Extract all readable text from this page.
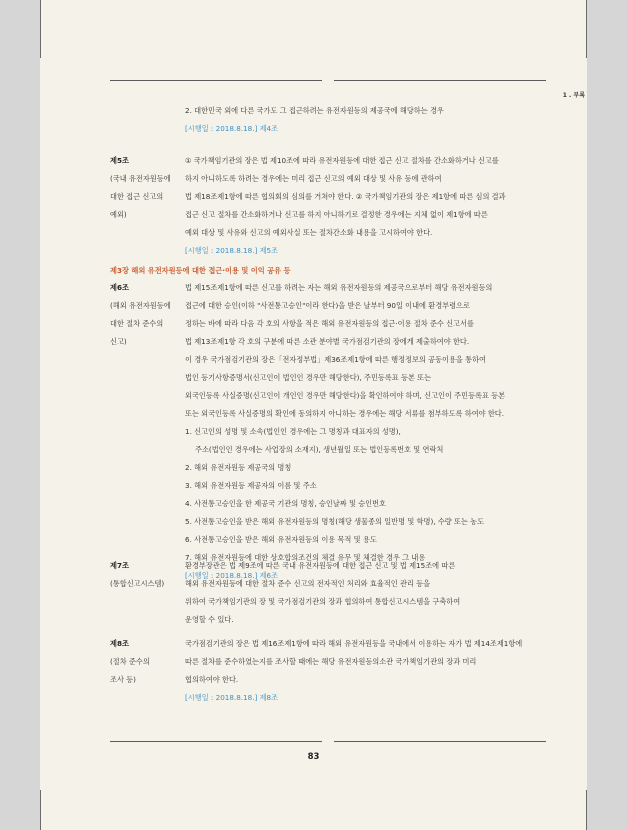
1 . 부록
2. 대한민국 외에 다른 국가도 그 접근하려는 유전자원등의 제공국에 해당하는 경우
[시행일 : 2018.8.18.] 제4조
제5조
(국내 유전자원등에
대한 접근 신고의
예외)
① 국가책임기관의 장은 법 제10조에 따라 유전자원등에 대한 접근 신고 절차를 간소화하거나 신고를
하지 아니하도록 하려는 경우에는 미리 접근 신고의 예외 대상 및 사유 등에 관하여
법 제18조제1항에 따른 협의회의 심의를 거쳐야 한다. ② 국가책임기관의 장은 제1항에 따른 심의 결과
접근 신고 절차를 간소화하거나 신고를 하지 아니하기로 결정한 경우에는 지체 없이 제1항에 따른
예외 대상 및 사유와 신고의 예외사실 또는 절차간소화 내용을 고시하여야 한다.
[시행일 : 2018.8.18.] 제5조
제3장 해외 유전자원등에 대한 접근·이용 및 이익 공유 등
제6조
(해외 유전자원등에
대한 절차 준수의
신고)
법 제15조제1항에 따른 신고를 하려는 자는 해외 유전자원등의 제공국으로부터 해당 유전자원등의
접근에 대한 승인(이하 "사전통고승인"이라 한다)을 받은 날부터 90일 이내에 환경부령으로
정하는 바에 따라 다음 각 호의 사항을 적은 해외 유전자원등의 접근·이용 절차 준수 신고서를
법 제13조제1항 각 호의 구분에 따른 소관 분야별 국가점검기관의 장에게 제출하여야 한다.
이 경우 국가점검기관의 장은「전자정부법」제36조제1항에 따른 행정정보의 공동이용을 통하여
법인 등기사항증명서(신고인이 법인인 경우만 해당한다), 주민등록표 등본 또는
외국인등록 사실증명(신고인이 개인인 경우만 해당한다)을 확인하여야 하며, 신고인이 주민등록표 등본
또는 외국인등록 사실증명의 확인에 동의하지 아니하는 경우에는 해당 서류를 첨부하도록 하여야 한다.
1. 신고인의 성명 및 소속(법인인 경우에는 그 명칭과 대표자의 성명),
주소(법인인 경우에는 사업장의 소재지), 생년월일 또는 법인등록번호 및 연락처
2. 해외 유전자원등 제공국의 명칭
3. 해외 유전자원등 제공자의 이름 및 주소
4. 사전통고승인을 한 제공국 기관의 명칭, 승인날짜 및 승인번호
5. 사전통고승인을 받은 해외 유전자원등의 명칭(해당 생물종의 일반명 및 학명), 수량 또는 농도
6. 사전통고승인을 받은 해외 유전자원등의 이용 목적 및 용도
7. 해외 유전자원등에 대한 상호합의조건의 체결 유무 및 체결한 경우 그 내용
[시행일 : 2018.8.18.] 제6조
제7조
(통합신고시스템)
환경부장관은 법 제9조에 따른 국내 유전자원등에 대한 접근 신고 및 법 제15조에 따른
해외 유전자원등에 대한 절차 준수 신고의 전자적인 처리와 효율적인 관리 등을
위하여 국가책임기관의 장 및 국가점검기관의 장과 협의하여 통합신고시스템을 구축하여
운영할 수 있다.
제8조
(절차 준수의
조사 등)
국가점검기관의 장은 법 제16조제1항에 따라 해외 유전자원등을 국내에서 이용하는 자가 법 제14조제1항에
따른 절차를 준수하였는지를 조사할 때에는 해당 유전자원등의소관 국가책임기관의 장과 미리
협의하여야 한다.
[시행일 : 2018.8.18.] 제8조
83
